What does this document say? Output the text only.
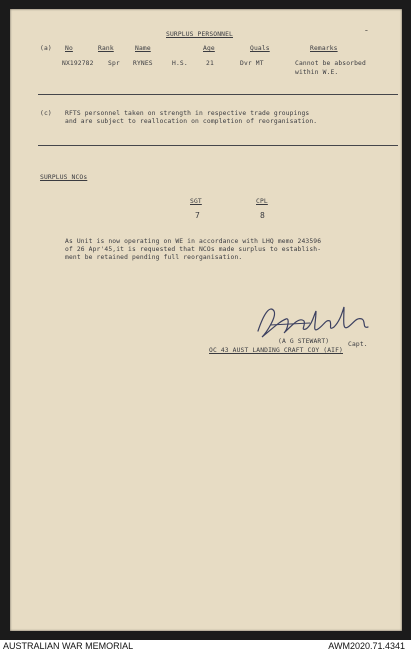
SURPLUS PERSONNEL	ˉ
(a) No	Rank	Name	Age	Quals	Remarks
NX192782 Spr RYNES	H.S.	21	Dvr MT	Cannot be absorbed
within W.E.
(c) RFTS personnel taken on strength in respective trade groupings
and are subject to reallocation on completion of reorganisation.
SURPLUS NCOs
SGT	CPL
7	8
As Unit is now operating on WE in accordance with LHQ memo 243596
of 26 Apr'45,it is requested that NCOs made surplus to establish-
ment be retained pending full reorganisation.
(A G STEWART)	Capt.
OC 43 AUST LANDING CRAFT COY (AIF)
AUSTRALIAN WAR MEMORIAL	AWM2020.71.4341
